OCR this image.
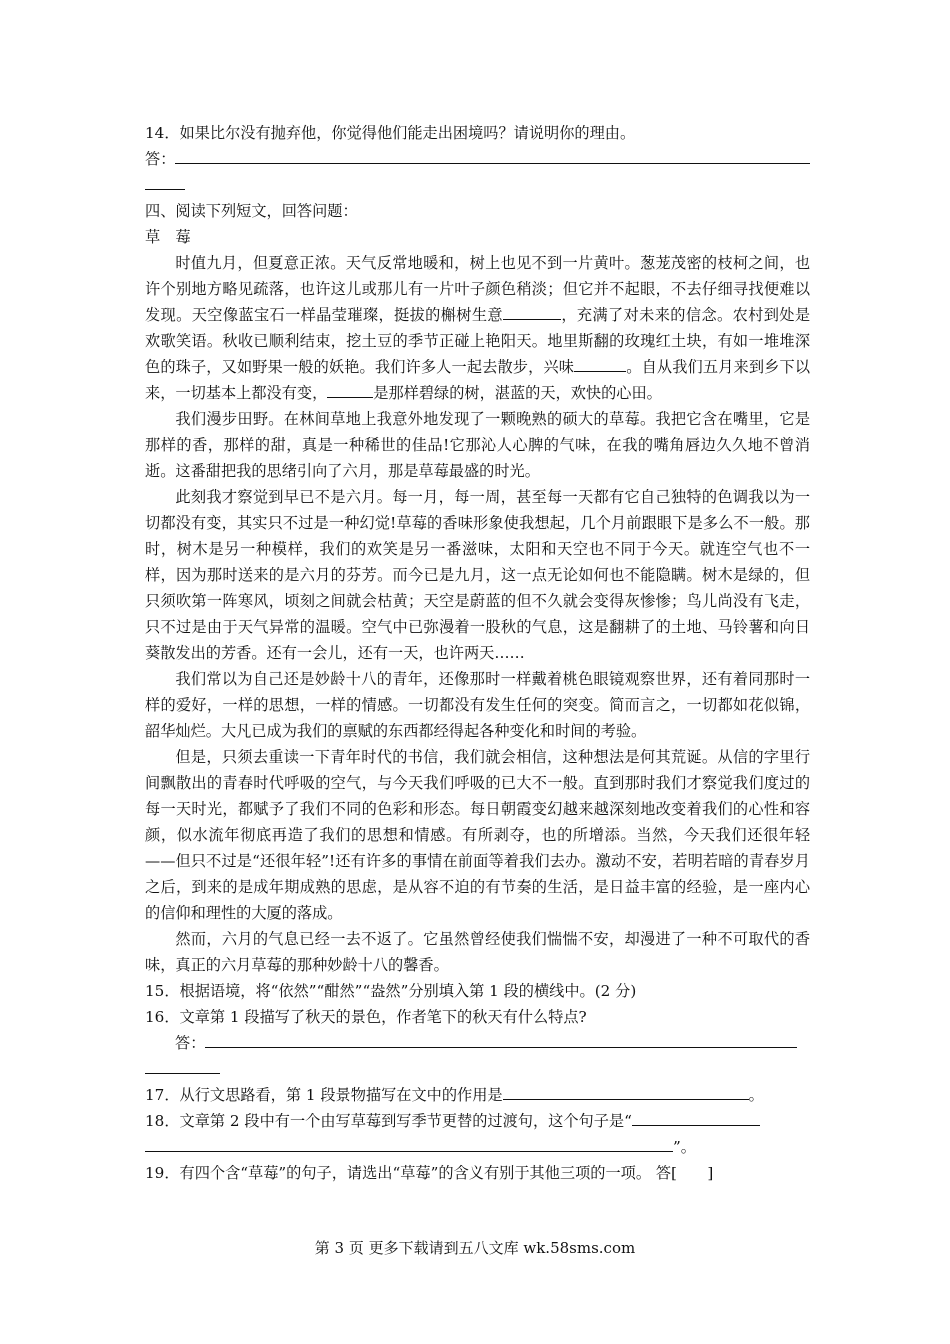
14．如果比尔没有抛弃他，你觉得他们能走出困境吗？请说明你的理由。
答：
四、阅读下列短文，回答问题：
草　莓

时值九月，但夏意正浓。天气反常地暖和，树上也见不到一片黄叶。葱茏茂密的枝柯之间，也许个别地方略见疏落，也许这儿或那儿有一片叶子颜色稍淡；但它并不起眼，不去仔细寻找便难以发现。天空像蓝宝石一样晶莹璀璨，挺拔的槲树生意	，充满了对未来的信念。农村到处是欢歌笑语。秋收已顺利结束，挖土豆的季节正碰上艳阳天。地里斯翻的玫瑰红土块，有如一堆堆深色的珠子，又如野果一般的妖艳。我们许多人一起去散步，兴味	。自从我们五月来到乡下以来，一切基本上都没有变，	是那样碧绿的树，湛蓝的天，欢快的心田。

我们漫步田野。在林间草地上我意外地发现了一颗晚熟的硕大的草莓。我把它含在嘴里，它是那样的香，那样的甜，真是一种稀世的佳品!它那沁人心脾的气味，在我的嘴角唇边久久地不曾消逝。这番甜把我的思绪引向了六月，那是草莓最盛的时光。

此刻我才察觉到早已不是六月。每一月，每一周，甚至每一天都有它自己独特的色调我以为一切都没有变，其实只不过是一种幻觉!草莓的香味形象使我想起，几个月前跟眼下是多么不一般。那时，树木是另一种模样，我们的欢笑是另一番滋味，太阳和天空也不同于今天。就连空气也不一样，因为那时送来的是六月的芬芳。而今已是九月，这一点无论如何也不能隐瞒。树木是绿的，但只须吹第一阵寒风，顷刻之间就会枯黄；天空是蔚蓝的但不久就会变得灰惨惨；鸟儿尚没有飞走，只不过是由于天气异常的温暖。空气中已弥漫着一股秋的气息，这是翻耕了的土地、马铃薯和向日葵散发出的芳香。还有一会儿，还有一天，也许两天……

我们常以为自己还是妙龄十八的青年，还像那时一样戴着桃色眼镜观察世界，还有着同那时一样的爱好，一样的思想，一样的情感。一切都没有发生任何的突变。简而言之，一切都如花似锦，韶华灿烂。大凡已成为我们的禀赋的东西都经得起各种变化和时间的考验。

但是，只须去重读一下青年时代的书信，我们就会相信，这种想法是何其荒诞。从信的字里行间飘散出的青春时代呼吸的空气，与今天我们呼吸的已大不一般。直到那时我们才察觉我们度过的每一天时光，都赋予了我们不同的色彩和形态。每日朝霞变幻越来越深刻地改变着我们的心性和容颜，似水流年彻底再造了我们的思想和情感。有所剥夺，也的所增添。当然，今天我们还很年轻——但只不过是“还很年轻”!还有许多的事情在前面等着我们去办。激动不安，若明若暗的青春岁月之后，到来的是成年期成熟的思虑，是从容不迫的有节奏的生活，是日益丰富的经验，是一座内心的信仰和理性的大厦的落成。

然而，六月的气息已经一去不返了。它虽然曾经使我们惴惴不安，却漫进了一种不可取代的香味，真正的六月草莓的那种妙龄十八的馨香。

15．根据语境，将“依然”“酣然”“盎然”分别填入第 1 段的横线中。(2 分)
16．文章第 1 段描写了秋天的景色，作者笔下的秋天有什么特点?
答：
17．从行文思路看，第 1 段景物描写在文中的作用是	。
18．文章第 2 段中有一个由写草莓到写季节更替的过渡句，这个句子是“
”。
19．有四个含“草莓”的句子，请选出“草莓”的含义有别于其他三项的一项。 答[　　]
第 3 页 更多下载请到五八文库 wk.58sms.com
